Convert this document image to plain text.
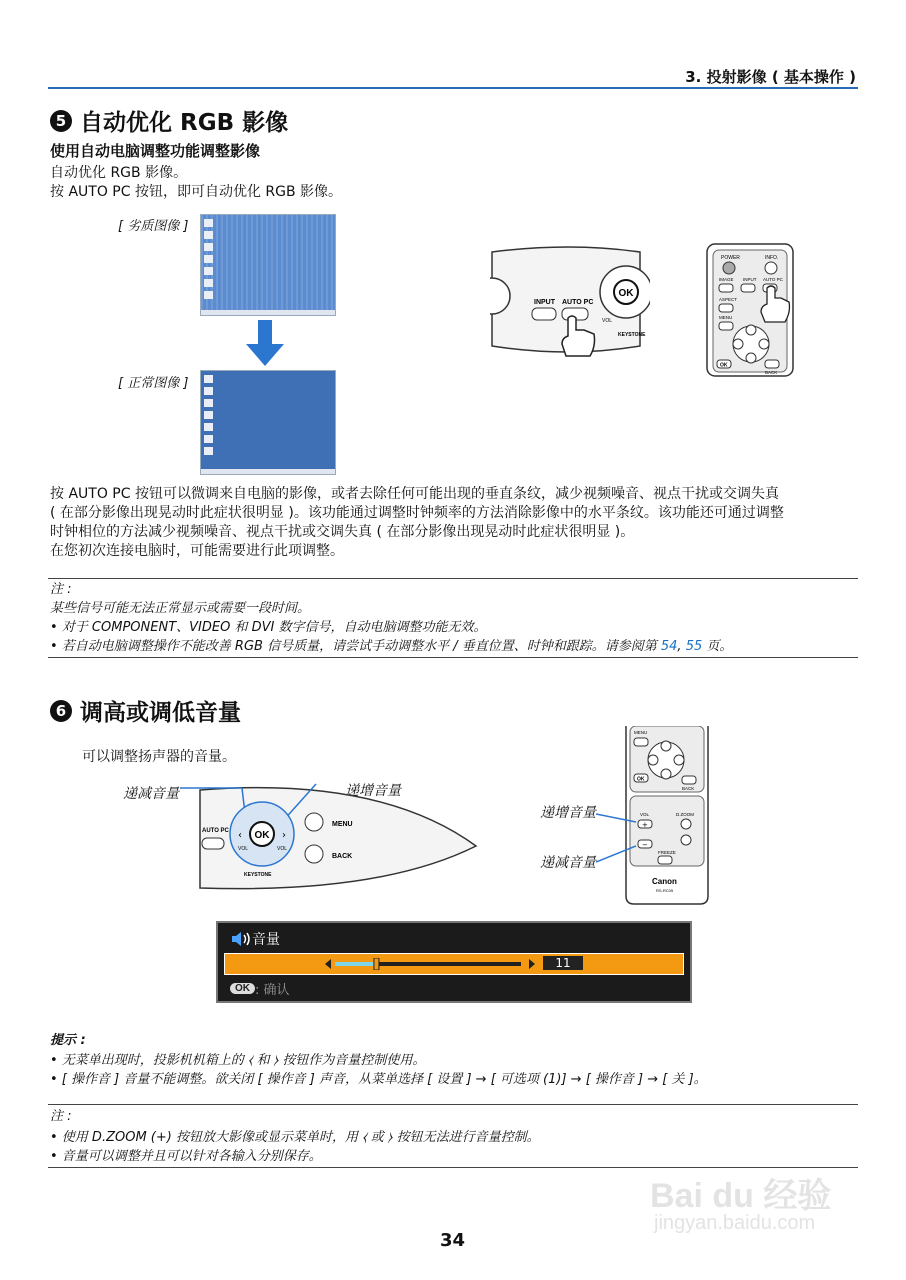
3. 投射影像 ( 基本操作 )
5 自动优化 RGB 影像
使用自动电脑调整功能调整影像
自动优化 RGB 影像。
按 AUTO PC 按钮，即可自动优化 RGB 影像。
[ 劣质图像 ]
[ 正常图像 ]
OK
INPUT AUTO PC
VOL
KEYSTONE
POWER	INFO.
IMAGE INPUT AUTO PC
ASPECT
MENU
OK
BACK
按 AUTO PC 按钮可以微调来自电脑的影像，或者去除任何可能出现的垂直条纹，减少视频噪音、视点干扰或交调失真
( 在部分影像出现晃动时此症状很明显 )。该功能通过调整时钟频率的方法消除影像中的水平条纹。该功能还可通过调整
时钟相位的方法减少视频噪音、视点干扰或交调失真 ( 在部分影像出现晃动时此症状很明显 )。
在您初次连接电脑时，可能需要进行此项调整。
注 :
某些信号可能无法正常显示或需要一段时间。
• 对于 COMPONENT、VIDEO 和 DVI 数字信号，自动电脑调整功能无效。
• 若自动电脑调整操作不能改善 RGB 信号质量，请尝试手动调整水平 / 垂直位置、时钟和跟踪。请参阅第 54, 55 页。
6 调高或调低音量
可以调整扬声器的音量。
递减音量	递增音量
OK
‹	›
VOL	VOL
AUTO PC
MENU
BACK
KEYSTONE
递增音量
递减音量
MENU
OK
BACK
VOL
+
−
D.ZOOM
FREEZE
Canon
RS-RC05
音量
11
OK : 确认
提示 :
• 无菜单出现时，投影机机箱上的 ⧼ 和 ⧽ 按钮作为音量控制使用。
• [ 操作音 ] 音量不能调整。欲关闭 [ 操作音 ] 声音，从菜单选择 [ 设置 ] → [ 可选项 (1)] → [ 操作音 ] → [ 关 ]。
注 :
• 使用 D.ZOOM (+) 按钮放大影像或显示菜单时，用 ⧼ 或 ⧽ 按钮无法进行音量控制。
• 音量可以调整并且可以针对各输入分别保存。
Bai du 经验
jingyan.baidu.com
34
